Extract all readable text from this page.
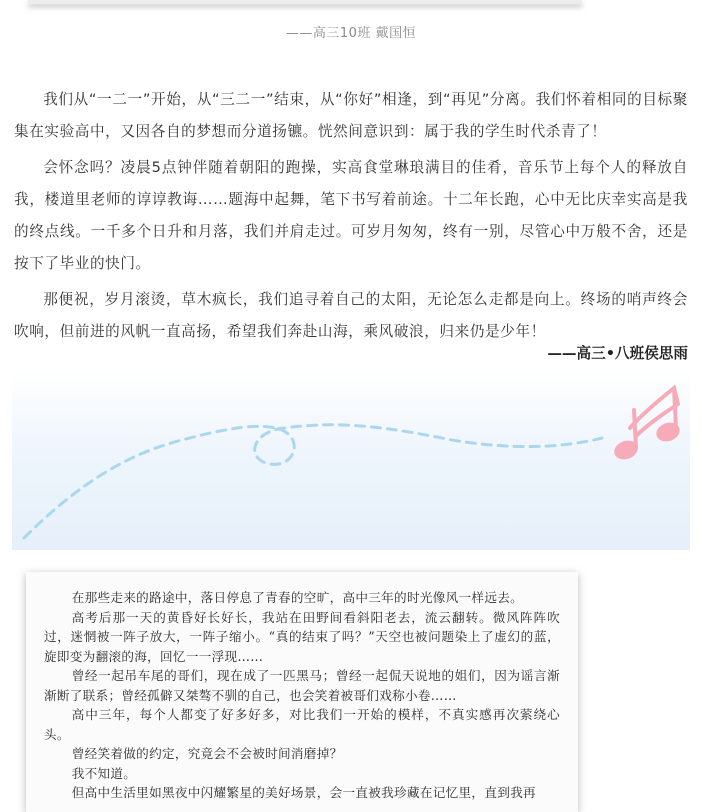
——高三10班 戴国恒

我们从“一二一”开始，从“三二一”结束，从“你好”相逢，到“再见”分离。我们怀着相同的目标聚集在实验高中，又因各自的梦想而分道扬镳。恍然间意识到：属于我的学生时代杀青了！

会怀念吗？凌晨5点钟伴随着朝阳的跑操，实高食堂琳琅满目的佳肴，音乐节上每个人的释放自我，楼道里老师的谆谆教诲……题海中起舞，笔下书写着前途。十二年长跑，心中无比庆幸实高是我的终点线。一千多个日升和月落，我们并肩走过。可岁月匆匆，终有一别，尽管心中万般不舍，还是按下了毕业的快门。

那便祝，岁月滚烫，草木疯长，我们追寻着自己的太阳，无论怎么走都是向上。终场的哨声终会吹响，但前进的风帆一直高扬，希望我们奔赴山海，乘风破浪，归来仍是少年！

——高三•八班侯思雨

在那些走来的路途中，落日停息了青春的空旷，高中三年的时光像风一样远去。

高考后那一天的黄昏好长好长，我站在田野间看斜阳老去，流云翻转。微风阵阵吹过，迷惘被一阵子放大，一阵子缩小。“真的结束了吗？”天空也被问题染上了虚幻的蓝，旋即变为翻滚的海，回忆一一浮现……

曾经一起吊车尾的哥们，现在成了一匹黑马；曾经一起侃天说地的姐们，因为谣言渐渐断了联系；曾经孤僻又桀骜不驯的自己，也会笑着被哥们戏称小卷……

高中三年，每个人都变了好多好多，对比我们一开始的模样，不真实感再次萦绕心头。

曾经笑着做的约定，究竟会不会被时间消磨掉？

我不知道。

但高中生活里如黑夜中闪耀繁星的美好场景，会一直被我珍藏在记忆里，直到我再
